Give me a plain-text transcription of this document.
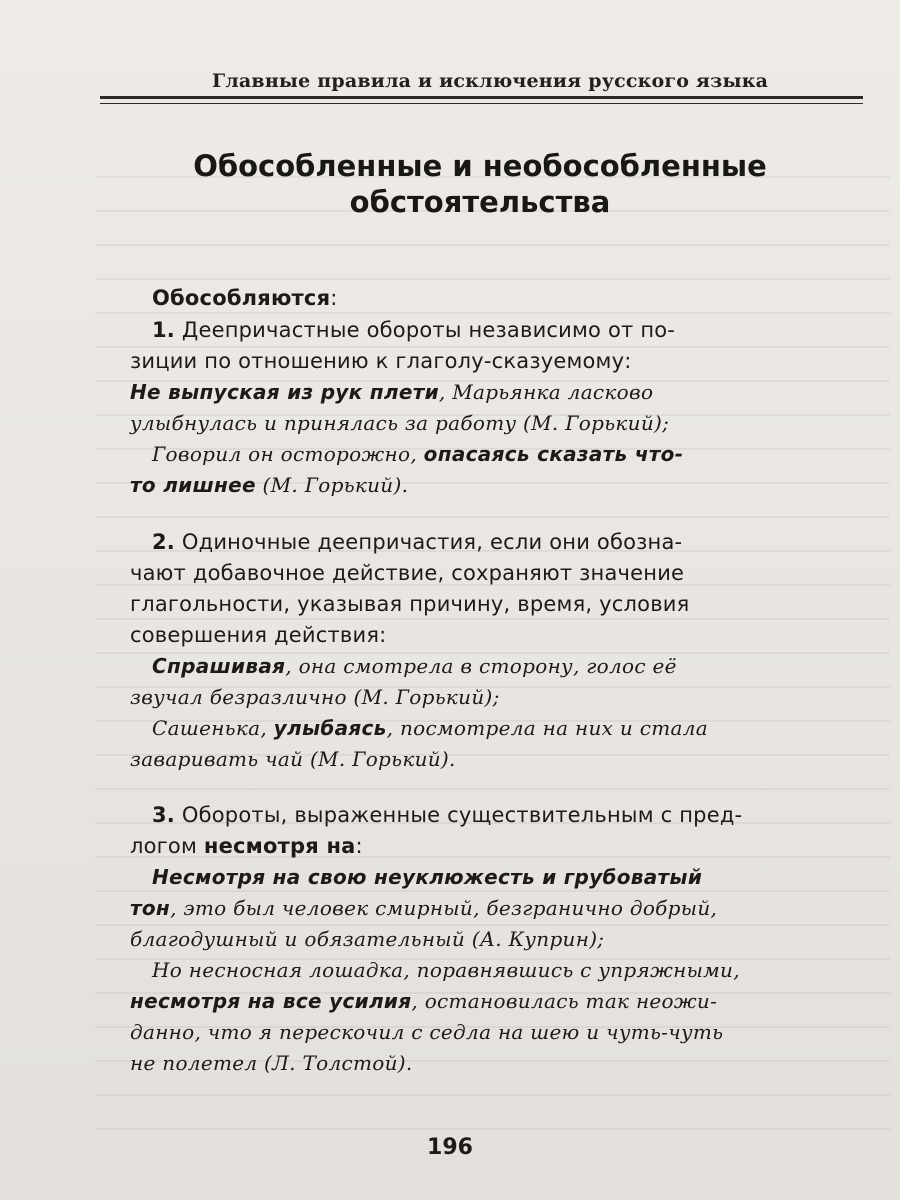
Главные правила и исключения русского языка
Обособленные и необособленные
обстоятельства

Обособляются:

1. Деепричастные обороты независимо от по-

зиции по отношению к глаголу-сказуемому:

Не выпуская из рук плети, Марьянка ласково

улыбнулась и принялась за работу (М. Горький);

Говорил он осторожно, опасаясь сказать что-

то лишнее (М. Горький).

2. Одиночные деепричастия, если они обозна-

чают добавочное действие, сохраняют значение

глагольности, указывая причину, время, условия

совершения действия:

Спрашивая, она смотрела в сторону, голос её

звучал безразлично (М. Горький);

Сашенька, улыбаясь, посмотрела на них и стала

заваривать чай (М. Горький).

3. Обороты, выраженные существительным с пред-

логом несмотря на:

Несмотря на свою неуклюжесть и грубоватый

тон, это был человек смирный, безгранично добрый,

благодушный и обязательный (А. Куприн);

Но несносная лошадка, поравнявшись с упряжными,

несмотря на все усилия, остановилась так неожи-

данно, что я перескочил с седла на шею и чуть-чуть

не полетел (Л. Толстой).

196
